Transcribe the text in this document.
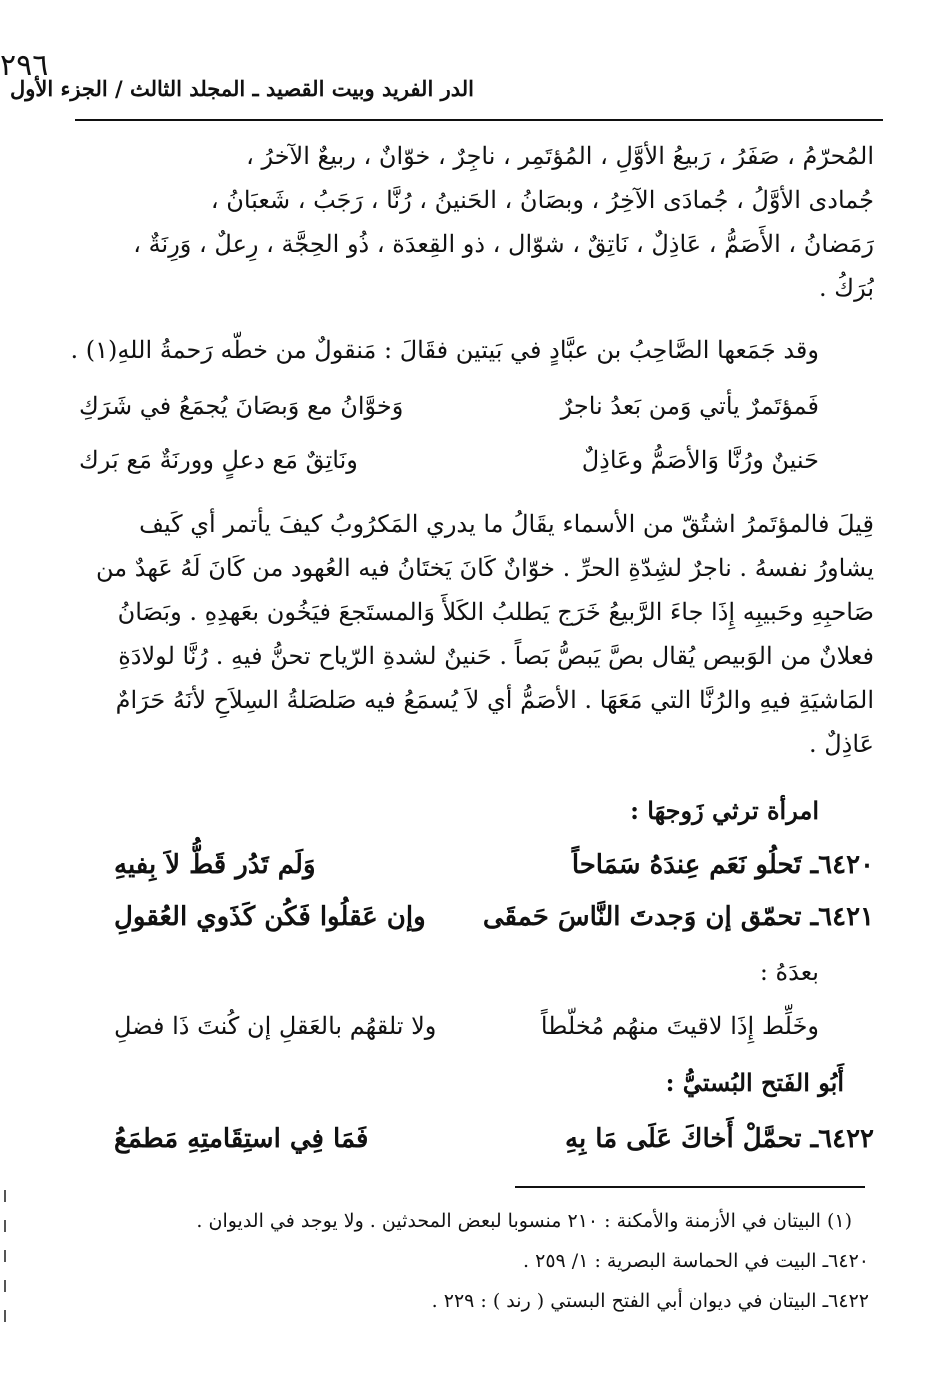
الدر الفريد وبيت القصيد ـ المجلد الثالث / الجزء الأول
٢٩٦
المُحرّمُ ، صَفَرُ ، رَبيعُ الأوَّلِ ، المُؤتَمِر ، ناجِرٌ ، خوّانٌ ، ربيعٌ الآخرُ ،
جُمادى الأوَّلُ ، جُمادَى الآخِرُ ، وبصَانُ ، الحَنينُ ، رُنَّا ، رَجَبُ ، شَعبَانُ ،
رَمَضانُ ، الأَصَمُّ ، عَاذِلٌ ، نَاتِقٌ ، شوّال ، ذو القِعدَة ، ذُو الحِجَّة ، رِعلٌ ، وَرِنَةٌ ،
بُرَكُ .
وقد جَمَعها الصَّاحِبُ بن عبَّادٍ في بَيتين فقَالَ : مَنقولٌ من خطّه رَحمةُ اللهِ(١) .
فَمؤتَمرٌ يأتي وَمن بَعدُ ناجرٌ
وَخوَّانُ مع وَبصَانَ يُجمَعُ في شَرَكِ
حَنينٌ ورُنَّا وَالأصَمُّ وعَاذِلٌ
ونَاتِقٌ مَع دعلٍ وورنَةٌ مَع بَرك
قِيلَ فالمؤتَمرُ اشتُقّ من الأسماء يقَالُ ما يدري المَكرُوبُ كيفَ يأتمر أي كَيف
يشاورُ نفسهُ . ناجرٌ لشِدّةِ الحرِّ . خوّانٌ كَانَ يَختَانُ فيه العُهود من كَانَ لَهُ عَهدٌ من
صَاحبِهِ وحَبيبِه إِذَا جاءَ الرَّبيعُ خَرَج يَطلبُ الكَلأَ وَالمستَجعَ فيَخُون بعَهدِهِ . وبَصَانُ
فعلانٌ من الوَبيص يُقال بصَّ يَبصُّ بَصاً . حَنينٌ لشدةِ الرّياح تحنُّ فيهِ . رُنَّا لولادَةِ
المَاشيَةِ فيهِ والرُنَّا التي مَعَهَا . الأصَمُّ أي لاَ يُسمَعُ فيه صَلصَلةُ السِلاَحِ لأنَهُ حَرَامٌ
عَاذِلٌ .
امرأة ترثي زَوجهَا :
٦٤٢٠ـ تَحلُو نَعَم عِندَهُ سَمَاحاً
وَلَم تَدُر قَطُّ لاَ بِفيهِ
٦٤٢١ـ تحمّق إن وَجدتَ النَّاسَ حَمقَى
وإن عَقلُوا فَكُن كَذَوي العُقولِ
بعدَهُ :
وخَلِّط إِذَا لاقيتَ منهُم مُخلّطاً
ولا تلقهُم بالعَقلِ إن كُنتَ ذَا فضلِ
أَبُو الفَتح البُستيُّ :
٦٤٢٢ـ تحمَّلْ أَخاكَ عَلَى مَا بِهِ
فَمَا فِي استِقَامتِهِ مَطمَعُ
(١) البيتان في الأزمنة والأمكنة : ٢١٠ منسوبا لبعض المحدثين . ولا يوجد في الديوان .
٦٤٢٠ـ البيت في الحماسة البصرية : ١/ ٢٥٩ .
٦٤٢٢ـ البيتان في ديوان أبي الفتح البستي ( رند ) : ٢٢٩ .
